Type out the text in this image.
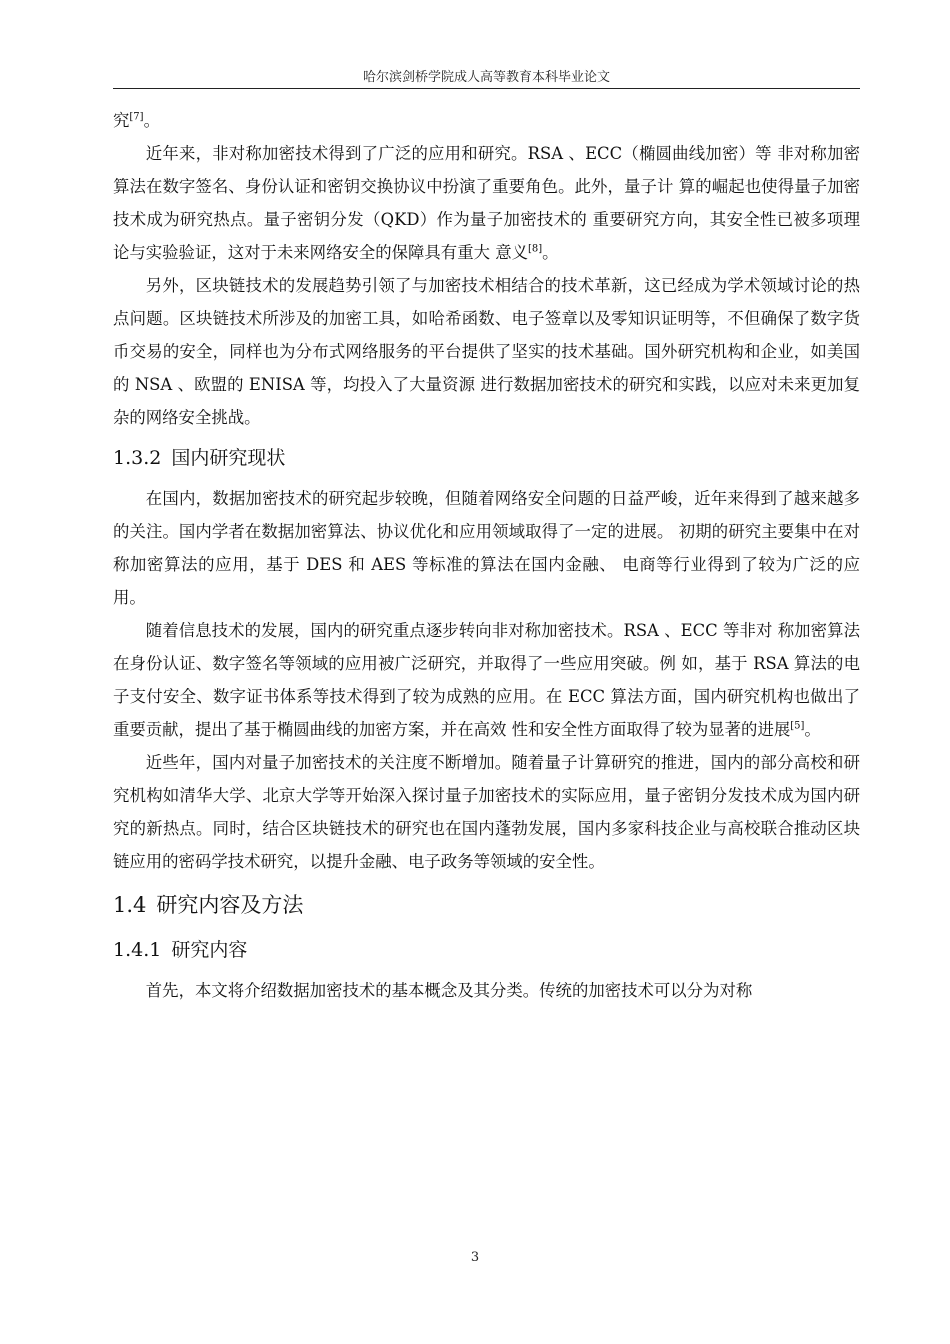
哈尔滨剑桥学院成人高等教育本科毕业论文

究[7]。

近年来，非对称加密技术得到了广泛的应用和研究。RSA 、ECC（椭圆曲线加密）等 非对称加密算法在数字签名、身份认证和密钥交换协议中扮演了重要角色。此外，量子计 算的崛起也使得量子加密技术成为研究热点。量子密钥分发（QKD）作为量子加密技术的 重要研究方向，其安全性已被多项理论与实验验证，这对于未来网络安全的保障具有重大 意义[8]。

另外，区块链技术的发展趋势引领了与加密技术相结合的技术革新，这已经成为学术领域讨论的热点问题。区块链技术所涉及的加密工具，如哈希函数、电子签章以及零知识证明等，不但确保了数字货币交易的安全，同样也为分布式网络服务的平台提供了坚实的技术基础。国外研究机构和企业，如美国的 NSA 、欧盟的 ENISA 等，均投入了大量资源 进行数据加密技术的研究和实践，以应对未来更加复杂的网络安全挑战。

1.3.2 国内研究现状

在国内，数据加密技术的研究起步较晚，但随着网络安全问题的日益严峻，近年来得到了越来越多的关注。国内学者在数据加密算法、协议优化和应用领域取得了一定的进展。 初期的研究主要集中在对称加密算法的应用，基于 DES 和 AES 等标准的算法在国内金融、 电商等行业得到了较为广泛的应用。

随着信息技术的发展，国内的研究重点逐步转向非对称加密技术。RSA 、ECC 等非对 称加密算法在身份认证、数字签名等领域的应用被广泛研究，并取得了一些应用突破。例 如，基于 RSA 算法的电子支付安全、数字证书体系等技术得到了较为成熟的应用。在 ECC 算法方面，国内研究机构也做出了重要贡献，提出了基于椭圆曲线的加密方案，并在高效 性和安全性方面取得了较为显著的进展[5]。

近些年，国内对量子加密技术的关注度不断增加。随着量子计算研究的推进，国内的部分高校和研究机构如清华大学、北京大学等开始深入探讨量子加密技术的实际应用，量子密钥分发技术成为国内研究的新热点。同时，结合区块链技术的研究也在国内蓬勃发展，国内多家科技企业与高校联合推动区块链应用的密码学技术研究，以提升金融、电子政务等领域的安全性。

1.4 研究内容及方法
1.4.1 研究内容

首先，本文将介绍数据加密技术的基本概念及其分类。传统的加密技术可以分为对称

3
